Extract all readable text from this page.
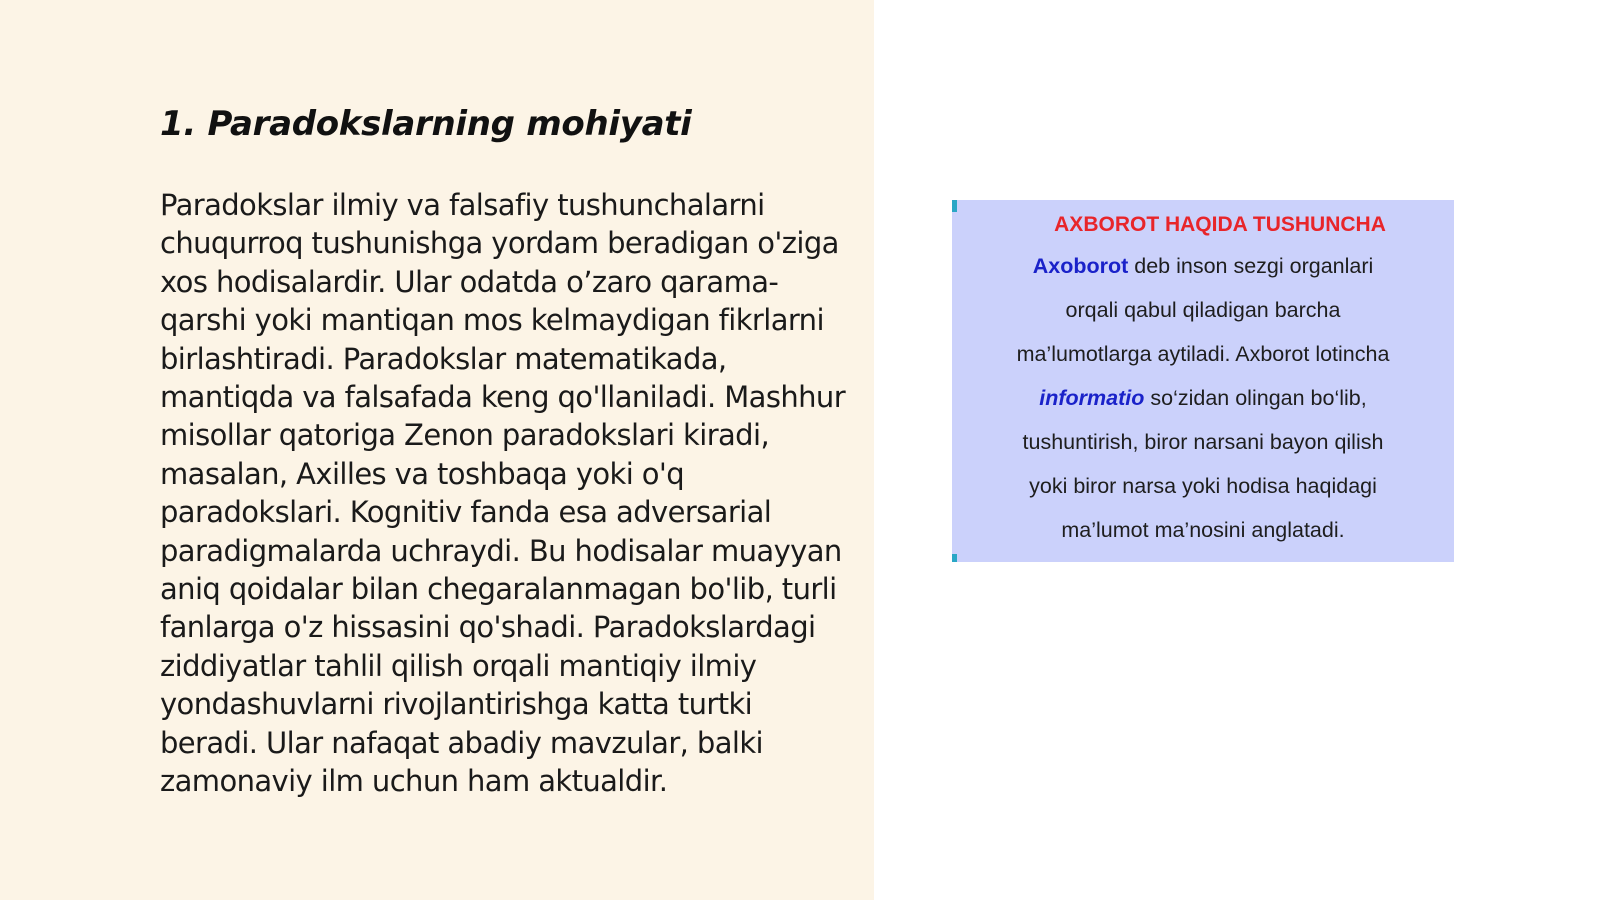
1. Paradokslarning mohiyati

Paradokslar ilmiy va falsafiy tushunchalarni chuqurroq tushunishga yordam beradigan o'ziga xos hodisalardir. Ular odatda o’zaro qarama-qarshi yoki mantiqan mos kelmaydigan fikrlarni birlashtiradi. Paradokslar matematikada, mantiqda va falsafada keng qo'llaniladi. Mashhur misollar qatoriga Zenon paradokslari kiradi, masalan, Axilles va toshbaqa yoki o'q paradokslari. Kognitiv fanda esa adversarial paradigmalarda uchraydi. Bu hodisalar muayyan aniq qoidalar bilan chegaralanmagan bo'lib, turli fanlarga o'z hissasini qo'shadi. Paradokslardagi ziddiyatlar tahlil qilish orqali mantiqiy ilmiy yondashuvlarni rivojlantirishga katta turtki beradi. Ular nafaqat abadiy mavzular, balki zamonaviy ilm uchun ham aktualdir.

AXBOROT HAQIDA TUSHUNCHA

Axoborot deb inson sezgi organlari

orqali qabul qiladigan barcha

ma’lumotlarga aytiladi. Axborot lotincha

informatio so‘zidan olingan bo‘lib,

tushuntirish, biror narsani bayon qilish

yoki biror narsa yoki hodisa haqidagi

ma’lumot ma’nosini anglatadi.
